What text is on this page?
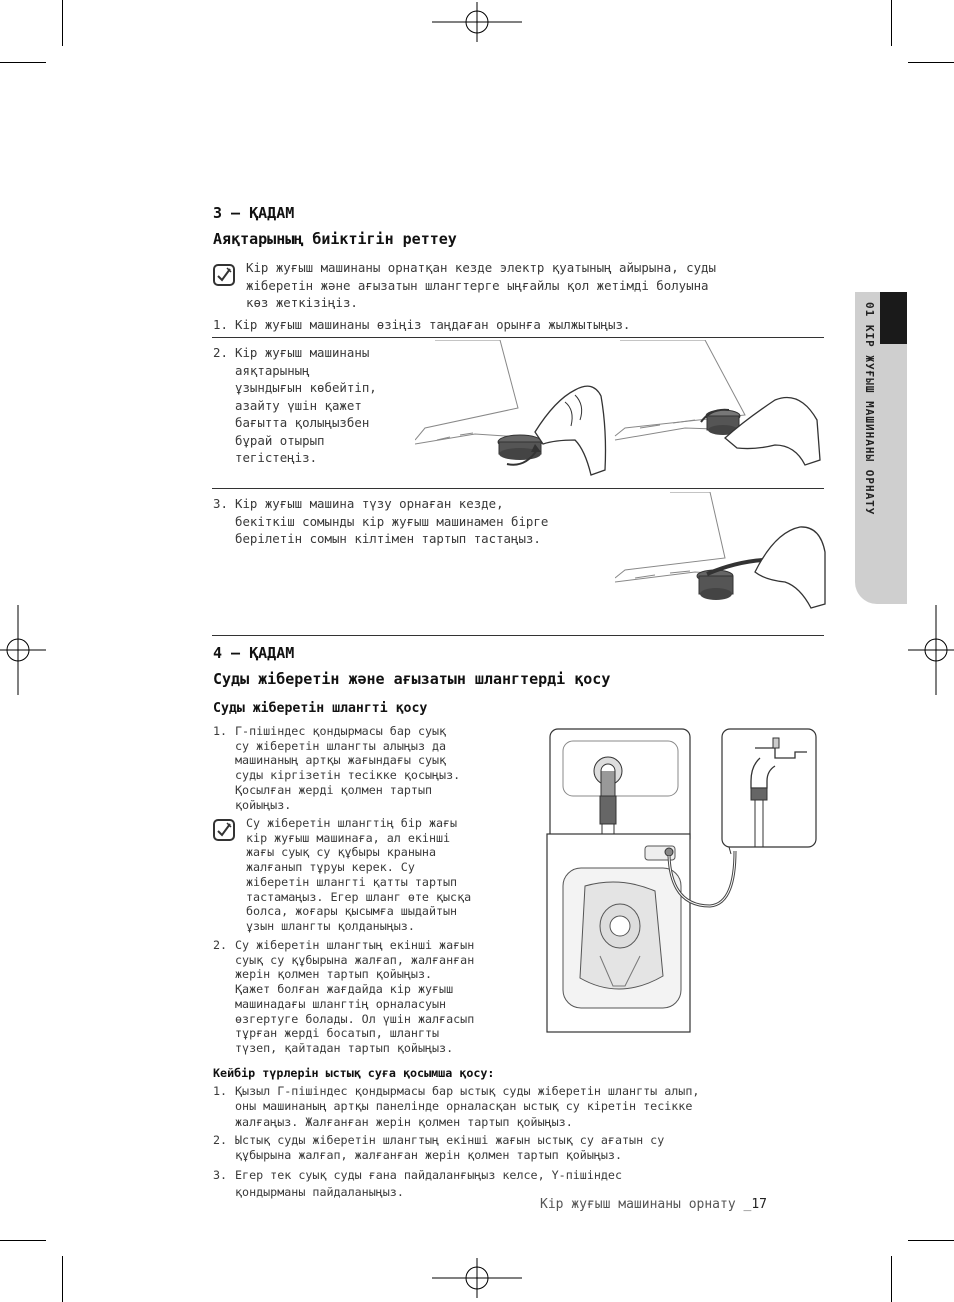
01 КІР ЖУҒЫШ МАШИНАНЫ ОРНАТУ
3 – ҚАДАМ
Аяқтарының биіктігін реттеу
Кір жуғыш машинаны орнатқан кезде электр қуатының айырына, суды
жіберетін және ағызатын шлангтерге ыңғайлы қол жетімді болуына
көз жеткізіңіз.
1. Кір жуғыш машинаны өзіңіз таңдаған орынға жылжытыңыз.
2. Кір жуғыш машинаны
аяқтарының
ұзындығын көбейтіп,
азайту үшін қажет
бағытта қолыңызбен
бұрай отырып
тегістеңіз.
3. Кір жуғыш машина түзу орнаған кезде,
бекіткіш сомынды кір жуғыш машинамен бірге
берілетін сомын кілтімен тартып тастаңыз.
4 – ҚАДАМ
Суды жіберетін және ағызатын шлангтерді қосу
Суды жіберетін шлангті қосу
1. Г-пішіндес қондырмасы бар суық
су жіберетін шлангты алыңыз да
машинаның артқы жағындағы суық
суды кіргізетін тесікке қосыңыз.
Қосылған жерді қолмен тартып
қойыңыз.
Су жіберетін шлангтің бір жағы
кір жуғыш машинаға, ал екінші
жағы суық су құбыры кранына
жалғанып тұруы керек. Су
жіберетін шлангті қатты тартып
тастамаңыз. Егер шланг өте қысқа
болса, жоғары қысымға шыдайтын
ұзын шлангты қолданыңыз.
2. Су жіберетін шлангтың екінші жағын
суық су құбырына жалғап, жалғанған
жерін қолмен тартып қойыңыз.
Қажет болған жағдайда кір жуғыш
машинадағы шлангтің орналасуын
өзгертуге болады. Ол үшін жалғасып
тұрған жерді босатып, шлангты
түзеп, қайтадан тартып қойыңыз.
Кейбір түрлерін ыстық суға қосымша қосу:
1. Қызыл Г-пішіндес қондырмасы бар ыстық суды жіберетін шлангты алып,
оны машинаның артқы панелінде орналасқан ыстық су кіретін тесікке
жалғаңыз. Жалғанған жерін қолмен тартып қойыңыз.
2. Ыстық суды жіберетін шлангтың екінші жағын ыстық су ағатын су
құбырына жалғап, жалғанған жерін қолмен тартып қойыңыз.
3. Егер тек суық суды ғана пайдаланғыңыз келсе, Y-пішіндес
қондырманы пайдаланыңыз.
Кір жуғыш машинаны орнату _17
